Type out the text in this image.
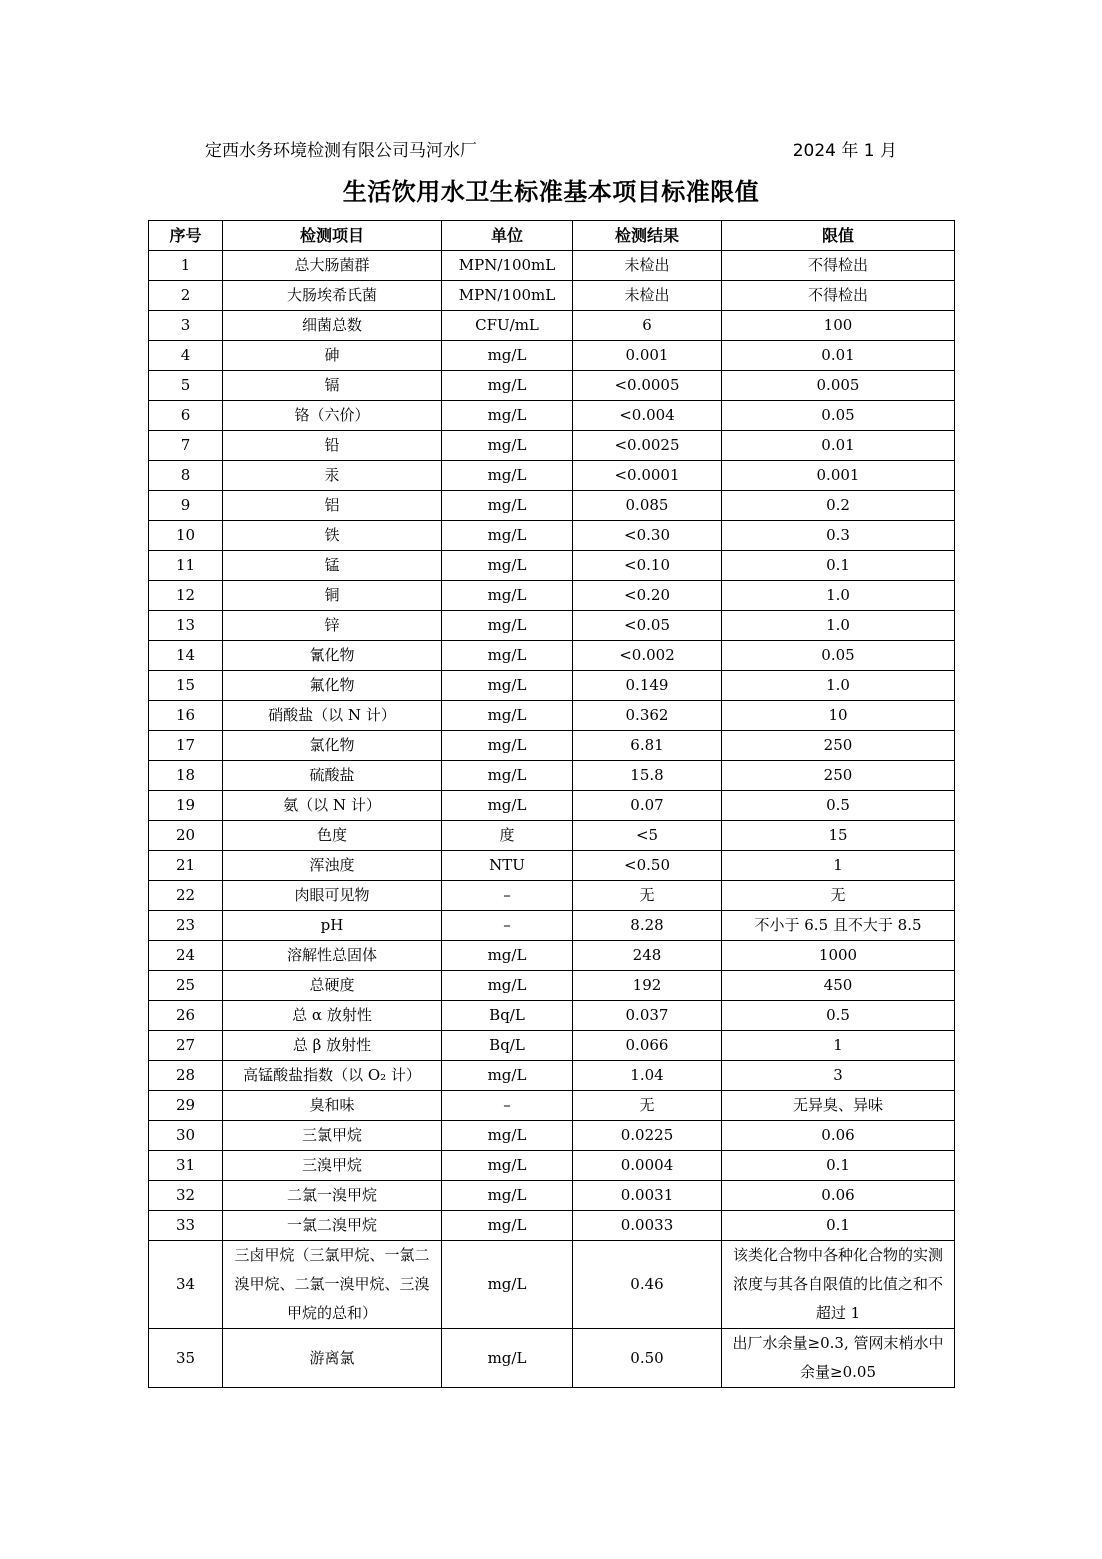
定西水务环境检测有限公司马河水厂	2024 年 1 月
生活饮用水卫生标准基本项目标准限值
序号	检测项目	单位	检测结果	限值
1	总大肠菌群	MPN/100mL	未检出	不得检出
2	大肠埃希氏菌	MPN/100mL	未检出	不得检出
3	细菌总数	CFU/mL	6	100
4	砷	mg/L	0.001	0.01
5	镉	mg/L	<0.0005	0.005
6	铬（六价）	mg/L	<0.004	0.05
7	铅	mg/L	<0.0025	0.01
8	汞	mg/L	<0.0001	0.001
9	铝	mg/L	0.085	0.2
10	铁	mg/L	<0.30	0.3
11	锰	mg/L	<0.10	0.1
12	铜	mg/L	<0.20	1.0
13	锌	mg/L	<0.05	1.0
14	氰化物	mg/L	<0.002	0.05
15	氟化物	mg/L	0.149	1.0
16	硝酸盐（以 N 计）	mg/L	0.362	10
17	氯化物	mg/L	6.81	250
18	硫酸盐	mg/L	15.8	250
19	氨（以 N 计）	mg/L	0.07	0.5
20	色度	度	<5	15
21	浑浊度	NTU	<0.50	1
22	肉眼可见物	–	无	无
23	pH	–	8.28	不小于 6.5 且不大于 8.5
24	溶解性总固体	mg/L	248	1000
25	总硬度	mg/L	192	450
26	总 α 放射性	Bq/L	0.037	0.5
27	总 β 放射性	Bq/L	0.066	1
28	高锰酸盐指数（以 O₂ 计）	mg/L	1.04	3
29	臭和味	–	无	无异臭、异味
30	三氯甲烷	mg/L	0.0225	0.06
31	三溴甲烷	mg/L	0.0004	0.1
32	二氯一溴甲烷	mg/L	0.0031	0.06
33	一氯二溴甲烷	mg/L	0.0033	0.1
34	三卤甲烷（三氯甲烷、一氯二溴甲烷、二氯一溴甲烷、三溴甲烷的总和）	mg/L	0.46	该类化合物中各种化合物的实测浓度与其各自限值的比值之和不超过 1
35	游离氯	mg/L	0.50	出厂水余量≥0.3, 管网末梢水中余量≥0.05
